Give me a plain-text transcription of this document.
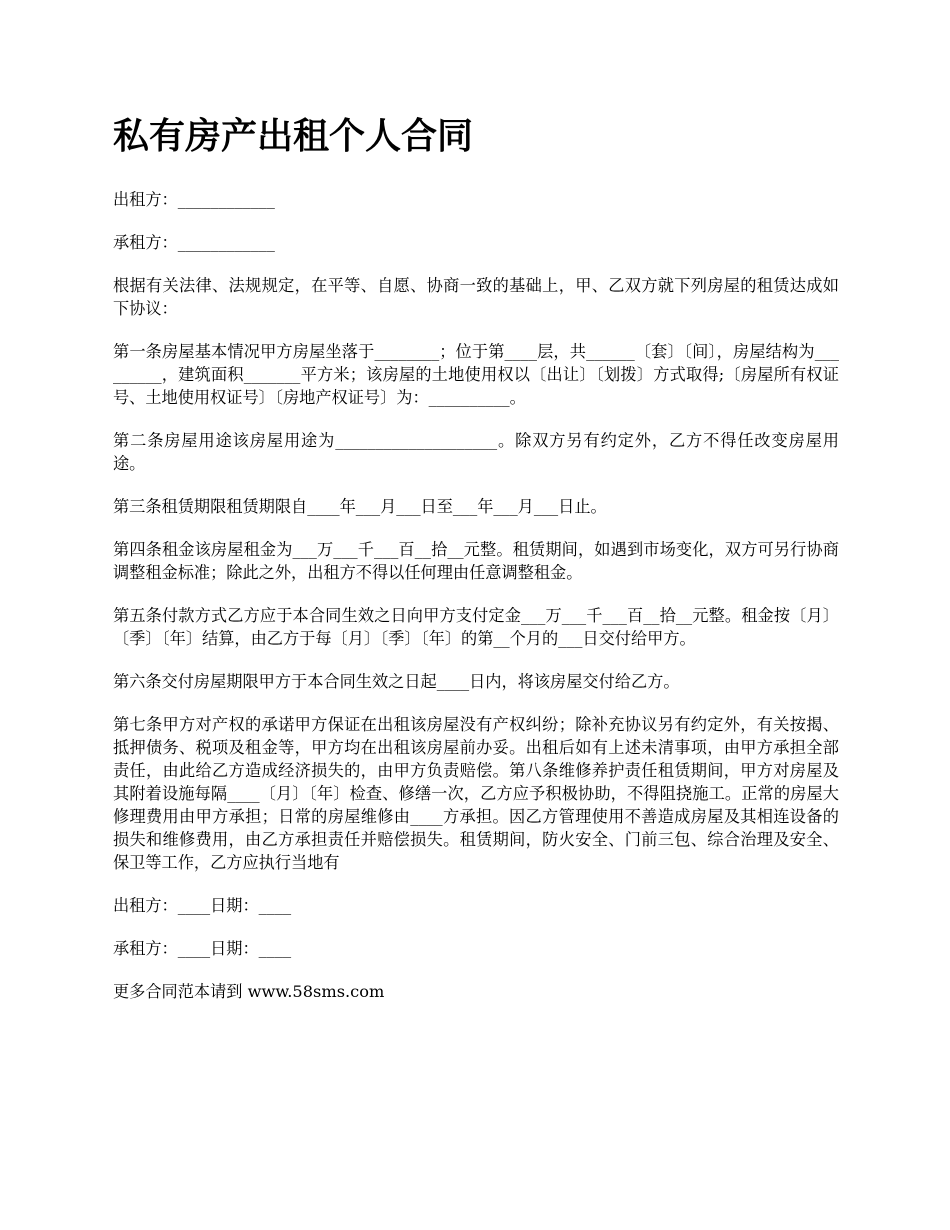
私有房产出租个人合同

出租方：____________

承租方：____________

根据有关法律、法规规定，在平等、自愿、协商一致的基础上，甲、乙双方就下列房屋的租赁达成如下协议：

第一条房屋基本情况甲方房屋坐落于________；位于第____层，共______〔套〕〔间〕，房屋结构为_________，建筑面积_______平方米；该房屋的土地使用权以〔出让〕〔划拨〕方式取得;〔房屋所有权证号、土地使用权证号〕〔房地产权证号〕为：__________。

第二条房屋用途该房屋用途为____________________。除双方另有约定外，乙方不得任改变房屋用途。

第三条租赁期限租赁期限自____年___月___日至___年___月___日止。

第四条租金该房屋租金为___万___千___百__拾__元整。租赁期间，如遇到市场变化，双方可另行协商调整租金标准；除此之外，出租方不得以任何理由任意调整租金。

第五条付款方式乙方应于本合同生效之日向甲方支付定金___万___千___百__拾__元整。租金按〔月〕〔季〕〔年〕结算，由乙方于每〔月〕〔季〕〔年〕的第__个月的___日交付给甲方。

第六条交付房屋期限甲方于本合同生效之日起____日内，将该房屋交付给乙方。

第七条甲方对产权的承诺甲方保证在出租该房屋没有产权纠纷；除补充协议另有约定外，有关按揭、抵押债务、税项及租金等，甲方均在出租该房屋前办妥。出租后如有上述未清事项，由甲方承担全部责任，由此给乙方造成经济损失的，由甲方负责赔偿。第八条维修养护责任租赁期间，甲方对房屋及其附着设施每隔____〔月〕〔年〕检查、修缮一次，乙方应予积极协助，不得阻挠施工。正常的房屋大修理费用由甲方承担；日常的房屋维修由____方承担。因乙方管理使用不善造成房屋及其相连设备的损失和维修费用，由乙方承担责任并赔偿损失。租赁期间，防火安全、门前三包、综合治理及安全、保卫等工作，乙方应执行当地有

出租方：____日期：____

承租方：____日期：____

更多合同范本请到 www.58sms.com
